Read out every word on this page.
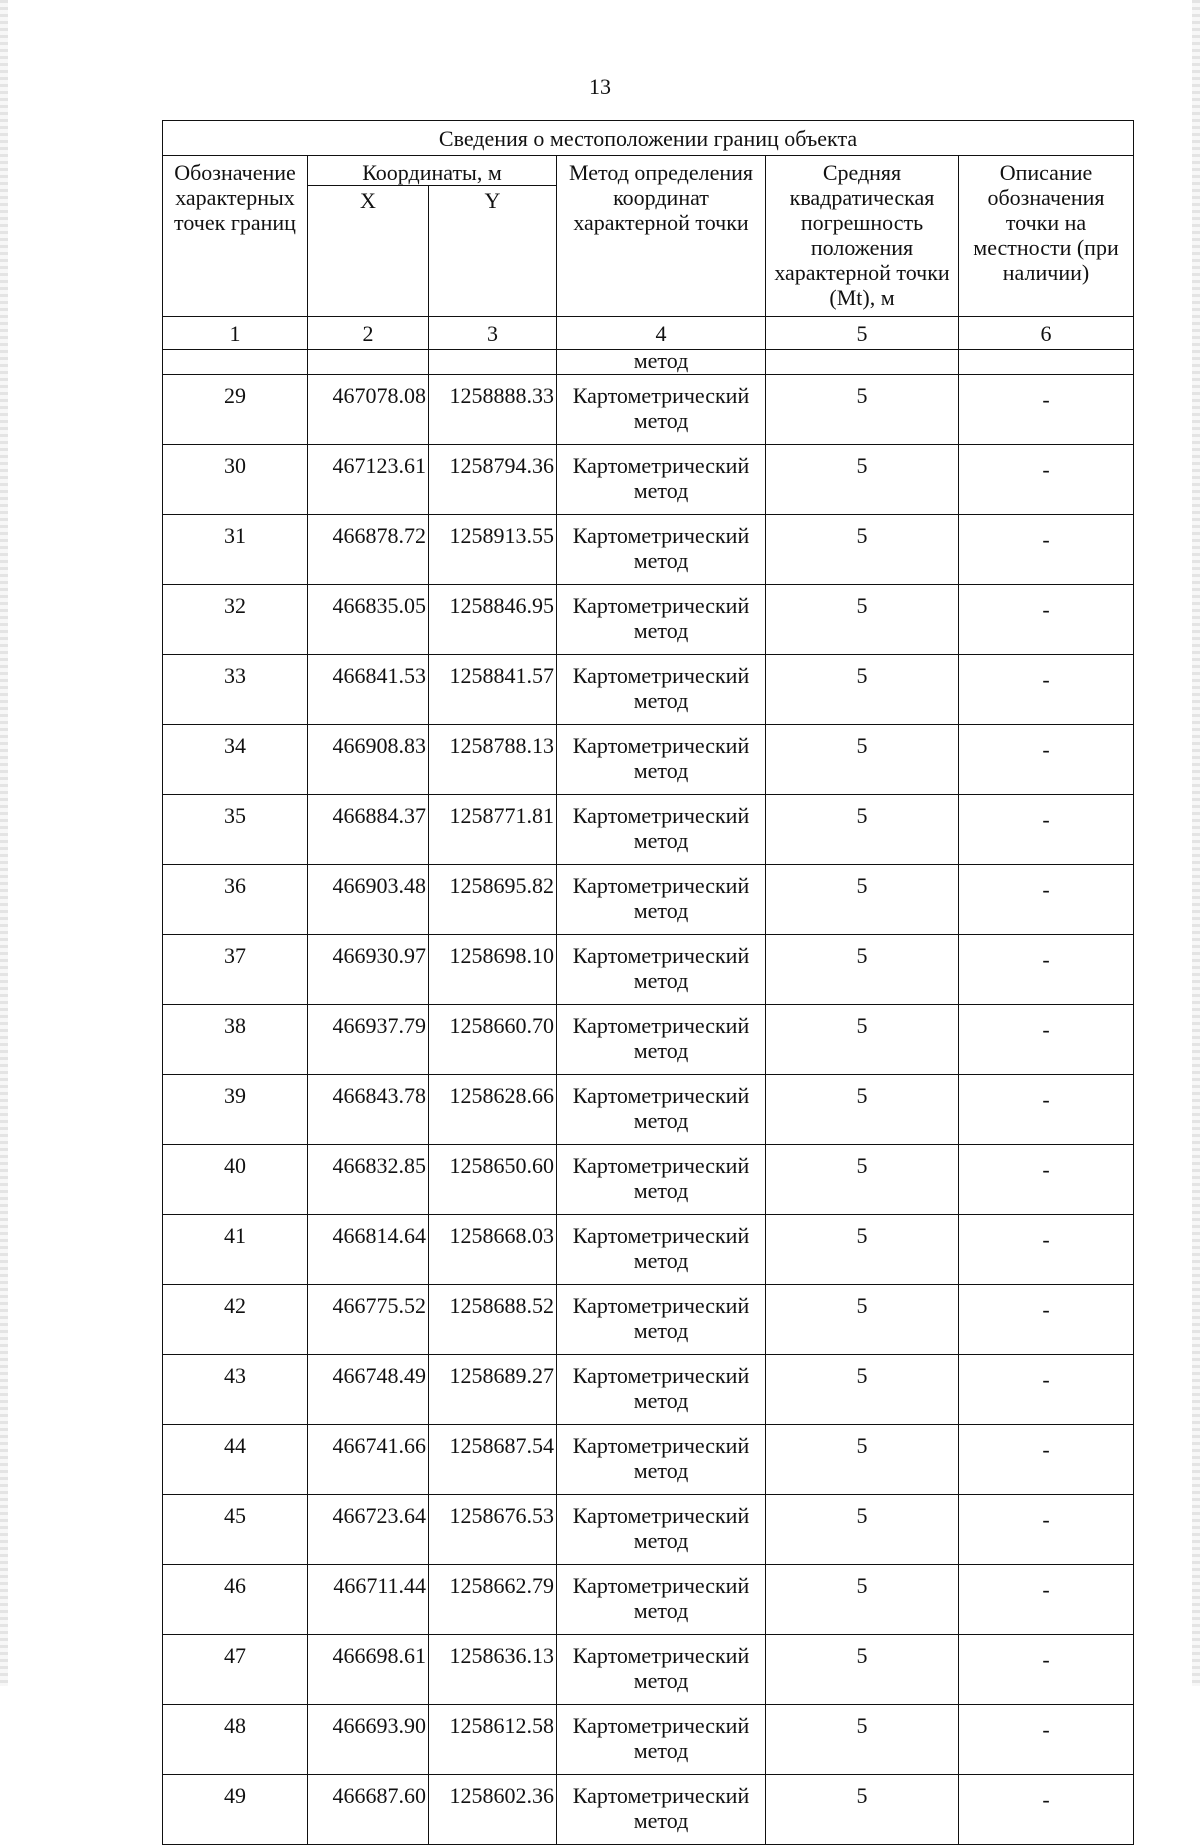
13
Сведения о местоположении границ объекта					
Обозначение характерных точек границ	Координаты, м		Метод определения координат характерной точки	Средняя квадратическая погрешность положения характерной точки (Mt), м	Описание обозначения точки на местности (при наличии)
	X	Y			
1	2	3	4	5	6
			метод		
29	467078.08	1258888.33	Картометрический метод	5	-
30	467123.61	1258794.36	Картометрический метод	5	-
31	466878.72	1258913.55	Картометрический метод	5	-
32	466835.05	1258846.95	Картометрический метод	5	-
33	466841.53	1258841.57	Картометрический метод	5	-
34	466908.83	1258788.13	Картометрический метод	5	-
35	466884.37	1258771.81	Картометрический метод	5	-
36	466903.48	1258695.82	Картометрический метод	5	-
37	466930.97	1258698.10	Картометрический метод	5	-
38	466937.79	1258660.70	Картометрический метод	5	-
39	466843.78	1258628.66	Картометрический метод	5	-
40	466832.85	1258650.60	Картометрический метод	5	-
41	466814.64	1258668.03	Картометрический метод	5	-
42	466775.52	1258688.52	Картометрический метод	5	-
43	466748.49	1258689.27	Картометрический метод	5	-
44	466741.66	1258687.54	Картометрический метод	5	-
45	466723.64	1258676.53	Картометрический метод	5	-
46	466711.44	1258662.79	Картометрический метод	5	-
47	466698.61	1258636.13	Картометрический метод	5	-
48	466693.90	1258612.58	Картометрический метод	5	-
49	466687.60	1258602.36	Картометрический метод	5	-
